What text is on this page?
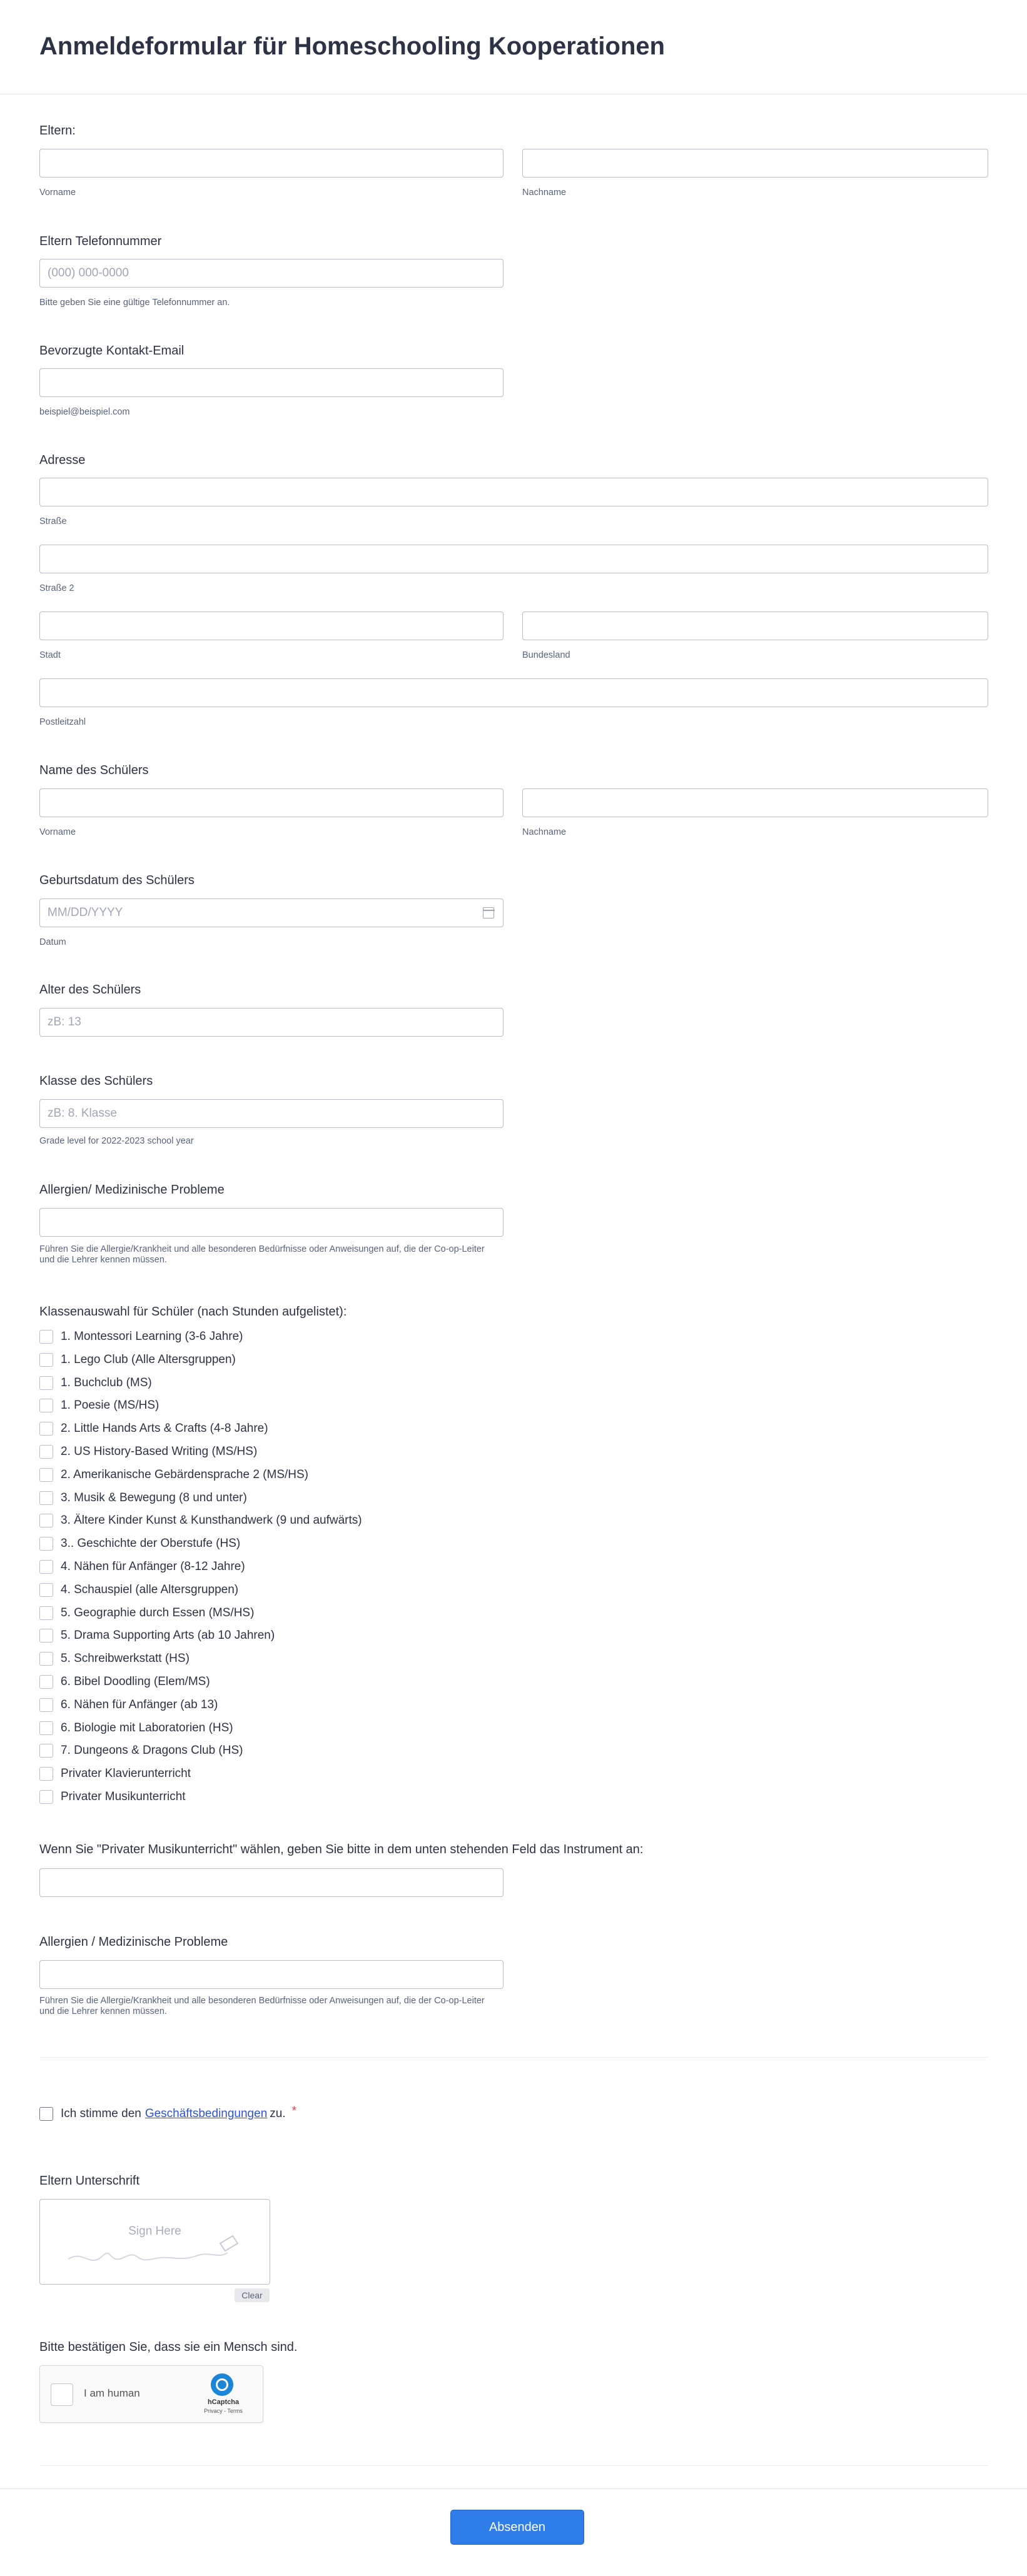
Anmeldeformular für Homeschooling Kooperationen
Eltern:
Vorname	Nachname
Eltern Telefonnummer
(000) 000-0000
Bitte geben Sie eine gültige Telefonnummer an.
Bevorzugte Kontakt-Email
beispiel@beispiel.com
Adresse
Straße
Straße 2
Stadt	Bundesland
Postleitzahl
Name des Schülers
Vorname	Nachname
Geburtsdatum des Schülers
MM/DD/YYYY
Datum
Alter des Schülers
zB: 13
Klasse des Schülers
zB: 8. Klasse
Grade level for 2022-2023 school year
Allergien/ Medizinische Probleme
Führen Sie die Allergie/Krankheit und alle besonderen Bedürfnisse oder Anweisungen auf, die der Co-op-Leiter und die Lehrer kennen müssen.
Klassenauswahl für Schüler (nach Stunden aufgelistet):
1. Montessori Learning (3-6 Jahre)
1. Lego Club (Alle Altersgruppen)
1. Buchclub (MS)
1. Poesie (MS/HS)
2. Little Hands Arts & Crafts (4-8 Jahre)
2. US History-Based Writing (MS/HS)
2. Amerikanische Gebärdensprache 2 (MS/HS)
3. Musik & Bewegung (8 und unter)
3. Ältere Kinder Kunst & Kunsthandwerk (9 und aufwärts)
3.. Geschichte der Oberstufe (HS)
4. Nähen für Anfänger (8-12 Jahre)
4. Schauspiel (alle Altersgruppen)
5. Geographie durch Essen (MS/HS)
5. Drama Supporting Arts (ab 10 Jahren)
5. Schreibwerkstatt (HS)
6. Bibel Doodling (Elem/MS)
6. Nähen für Anfänger (ab 13)
6. Biologie mit Laboratorien (HS)
7. Dungeons & Dragons Club (HS)
Privater Klavierunterricht
Privater Musikunterricht
Wenn Sie "Privater Musikunterricht" wählen, geben Sie bitte in dem unten stehenden Feld das Instrument an:
Allergien / Medizinische Probleme
Führen Sie die Allergie/Krankheit und alle besonderen Bedürfnisse oder Anweisungen auf, die der Co-op-Leiter und die Lehrer kennen müssen.
Ich stimme den Geschäftsbedingungen zu. *
Eltern Unterschrift
Sign Here
Clear
Bitte bestätigen Sie, dass sie ein Mensch sind.
I am human
hCaptcha
Privacy - Terms
Absenden
